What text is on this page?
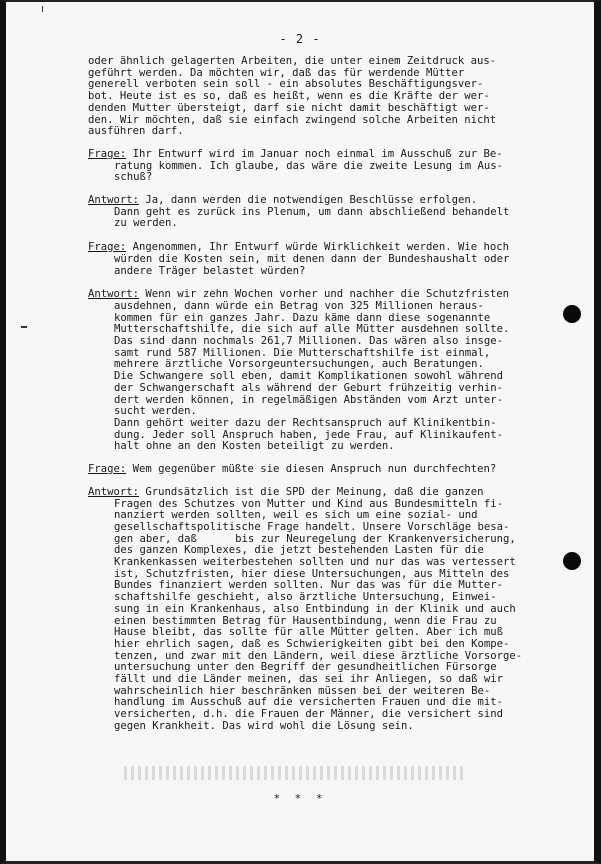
- 2 -
oder ähnlich gelagerten Arbeiten, die unter einem Zeitdruck aus-
geführt werden. Da möchten wir, daß das für werdende Mütter
generell verboten sein soll - ein absolutes Beschäftigungsver-
bot. Heute ist es so, daß es heißt, wenn es die Kräfte der wer-
denden Mutter übersteigt, darf sie nicht damit beschäftigt wer-
den. Wir möchten, daß sie einfach zwingend solche Arbeiten nicht
ausführen darf.
Frage: Ihr Entwurf wird im Januar noch einmal im Ausschuß zur Be-
ratung kommen. Ich glaube, das wäre die zweite Lesung im Aus-
schuß?
Antwort: Ja, dann werden die notwendigen Beschlüsse erfolgen.
Dann geht es zurück ins Plenum, um dann abschließend behandelt
zu werden.
Frage: Angenommen, Ihr Entwurf würde Wirklichkeit werden. Wie hoch
würden die Kosten sein, mit denen dann der Bundeshaushalt oder
andere Träger belastet würden?
Antwort: Wenn wir zehn Wochen vorher und nachher die Schutzfristen
ausdehnen, dann würde ein Betrag von 325 Millionen heraus-
kommen für ein ganzes Jahr. Dazu käme dann diese sogenannte
Mutterschaftshilfe, die sich auf alle Mütter ausdehnen sollte.
Das sind dann nochmals 261,7 Millionen. Das wären also insge-
samt rund 587 Millionen. Die Mutterschaftshilfe ist einmal,
mehrere ärztliche Vorsorgeuntersuchungen, auch Beratungen.
Die Schwangere soll eben, damit Komplikationen sowohl während
der Schwangerschaft als während der Geburt frühzeitig verhin-
dert werden können, in regelmäßigen Abständen vom Arzt unter-
sucht werden.
Dann gehört weiter dazu der Rechtsanspruch auf Klinikentbin-
dung. Jeder soll Anspruch haben, jede Frau, auf Klinikaufent-
halt ohne an den Kosten beteiligt zu werden.
Frage: Wem gegenüber müßte sie diesen Anspruch nun durchfechten?
Antwort: Grundsätzlich ist die SPD der Meinung, daß die ganzen
Fragen des Schutzes von Mutter und Kind aus Bundesmitteln fi-
nanziert werden sollten, weil es sich um eine sozial- und
gesellschaftspolitische Frage handelt. Unsere Vorschläge besa-
gen aber, daß      bis zur Neuregelung der Krankenversicherung,
des ganzen Komplexes, die jetzt bestehenden Lasten für die
Krankenkassen weiterbestehen sollten und nur das was vertessert
ist, Schutzfristen, hier diese Untersuchungen, aus Mitteln des
Bundes finanziert werden sollten. Nur das was für die Mutter-
schaftshilfe geschieht, also ärztliche Untersuchung, Einwei-
sung in ein Krankenhaus, also Entbindung in der Klinik und auch
einen bestimmten Betrag für Hausentbindung, wenn die Frau zu
Hause bleibt, das sollte für alle Mütter gelten. Aber ich muß
hier ehrlich sagen, daß es Schwierigkeiten gibt bei den Kompe-
tenzen, und zwar mit den Ländern, weil diese ärztliche Vorsorge-
untersuchung unter den Begriff der gesundheitlichen Fürsorge
fällt und die Länder meinen, das sei ihr Anliegen, so daß wir
wahrscheinlich hier beschränken müssen bei der weiteren Be-
handlung im Ausschuß auf die versicherten Frauen und die mit-
versicherten, d.h. die Frauen der Männer, die versichert sind
gegen Krankheit. Das wird wohl die Lösung sein.
* * *
